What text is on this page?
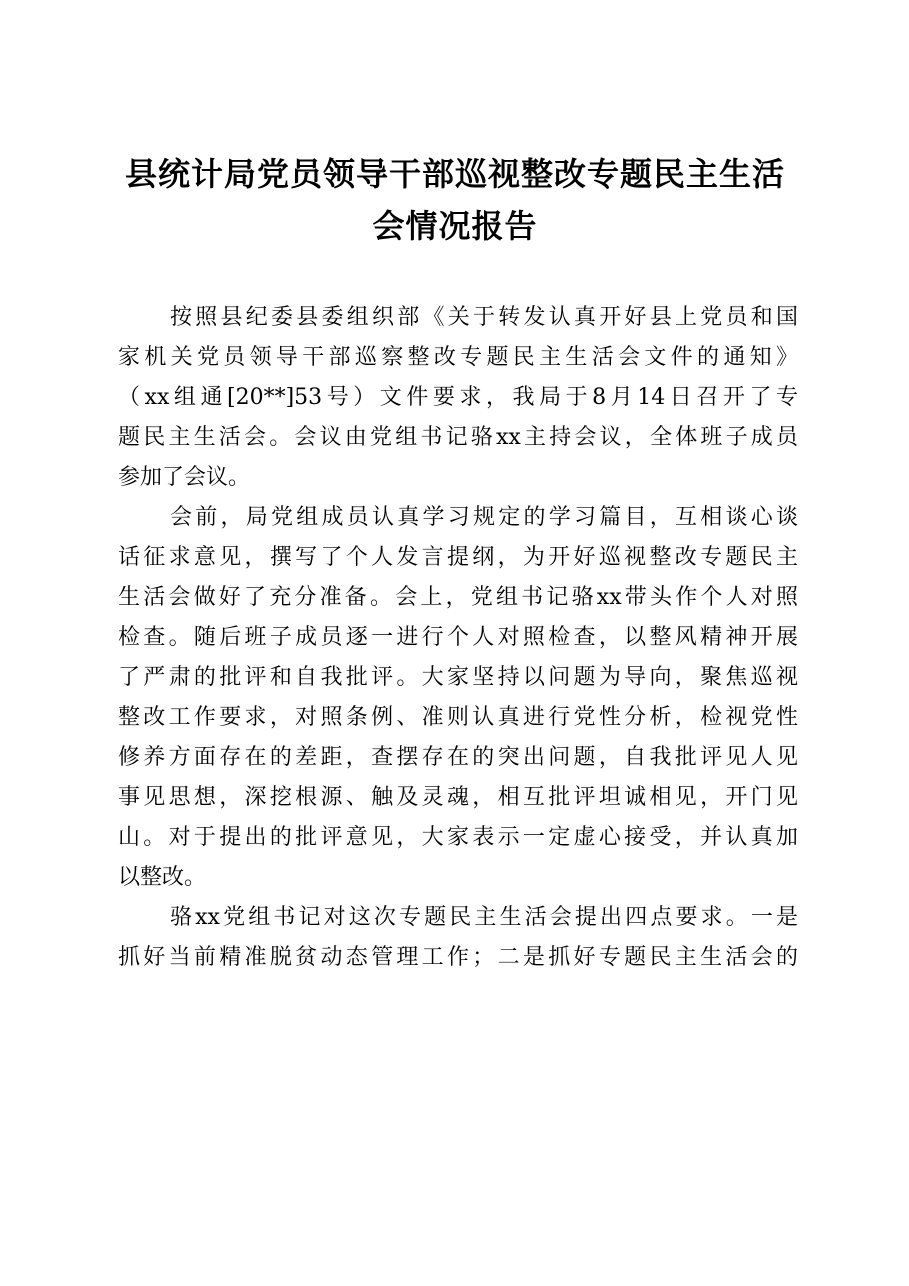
县统计局党员领导干部巡视整改专题民主生活
会情况报告
按照县纪委县委组织部《关于转发认真开好县上党员和国
家机关党员领导干部巡察整改专题民主生活会文件的通知》
（xx组通[20**]53号）文件要求，我局于8月14日召开了专
题民主生活会。会议由党组书记骆xx主持会议，全体班子成员
参加了会议。
会前，局党组成员认真学习规定的学习篇目，互相谈心谈
话征求意见，撰写了个人发言提纲，为开好巡视整改专题民主
生活会做好了充分准备。会上，党组书记骆xx带头作个人对照
检查。随后班子成员逐一进行个人对照检查，以整风精神开展
了严肃的批评和自我批评。大家坚持以问题为导向，聚焦巡视
整改工作要求，对照条例、准则认真进行党性分析，检视党性
修养方面存在的差距，查摆存在的突出问题，自我批评见人见
事见思想，深挖根源、触及灵魂，相互批评坦诚相见，开门见
山。对于提出的批评意见，大家表示一定虚心接受，并认真加
以整改。
骆xx党组书记对这次专题民主生活会提出四点要求。一是
抓好当前精准脱贫动态管理工作；二是抓好专题民主生活会的
